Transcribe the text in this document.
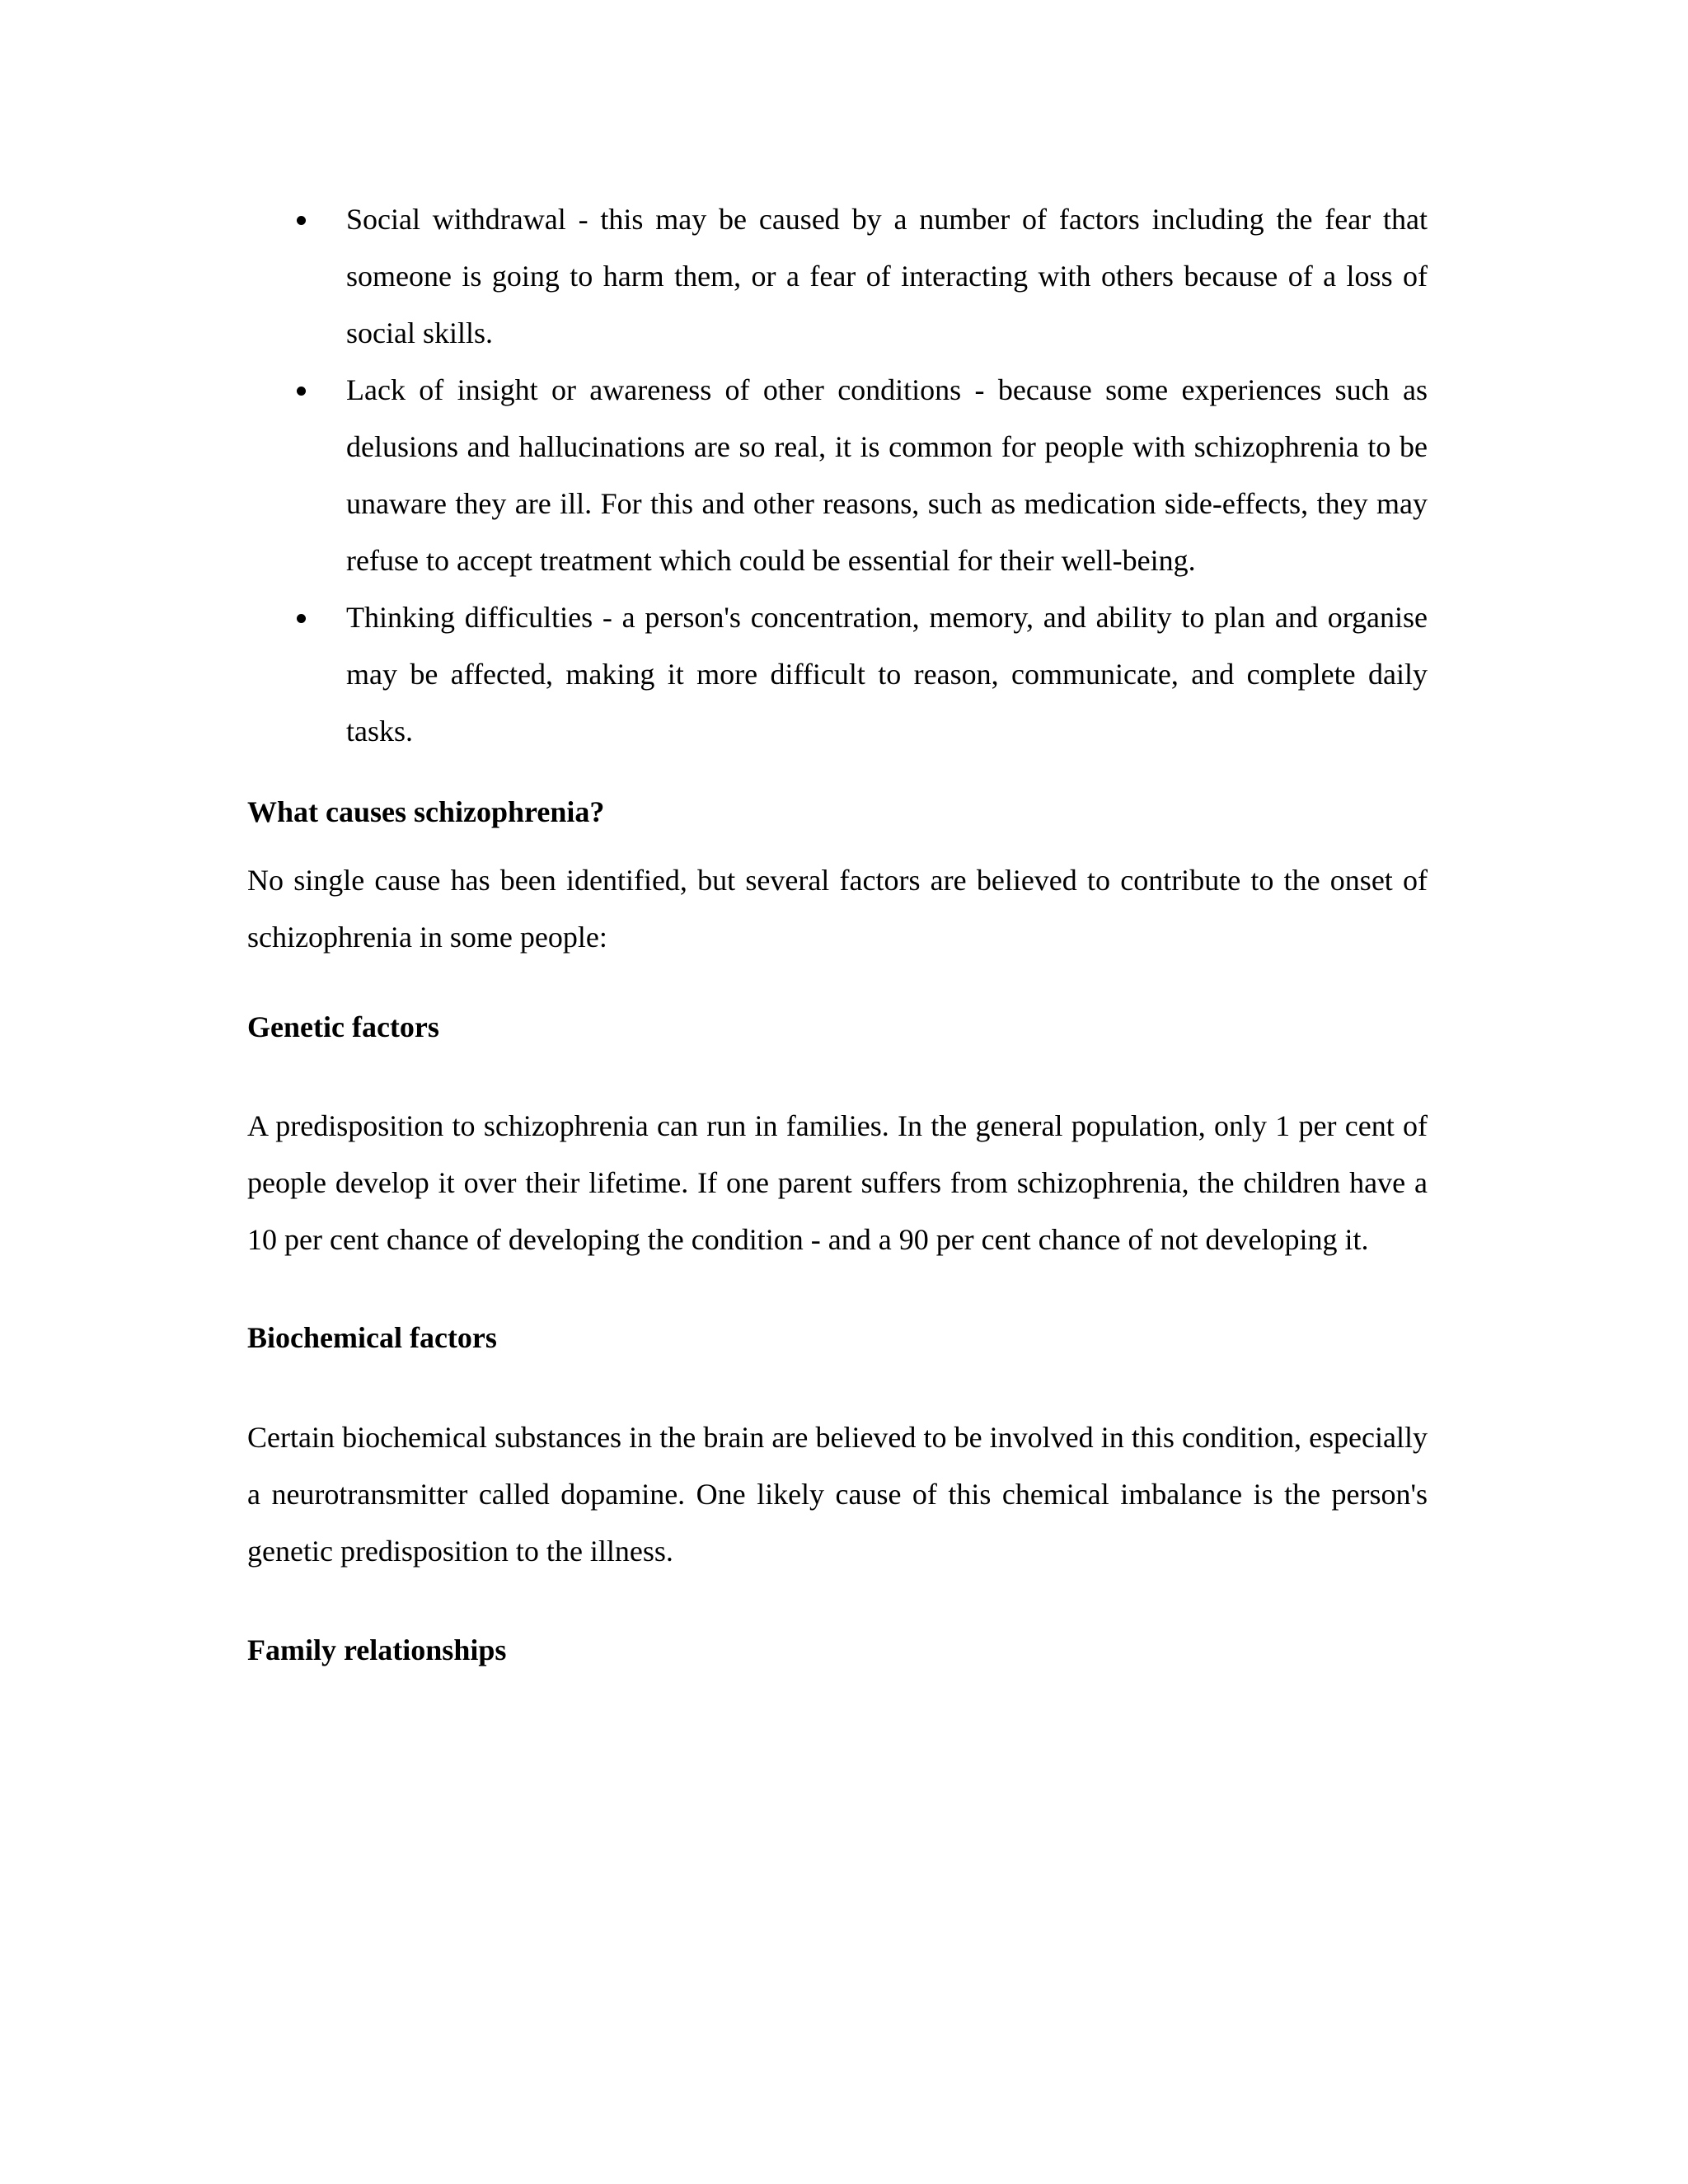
Social withdrawal - this may be caused by a number of factors including the fear that someone is going to harm them, or a fear of interacting with others because of a loss of social skills.
Lack of insight or awareness of other conditions - because some experiences such as delusions and hallucinations are so real, it is common for people with schizophrenia to be unaware they are ill. For this and other reasons, such as medication side-effects, they may refuse to accept treatment which could be essential for their well-being.
Thinking difficulties - a person's concentration, memory, and ability to plan and organise may be affected, making it more difficult to reason, communicate, and complete daily tasks.
What causes schizophrenia?

No single cause has been identified, but several factors are believed to contribute to the onset of schizophrenia in some people:

Genetic factors

A predisposition to schizophrenia can run in families. In the general population, only 1 per cent of people develop it over their lifetime. If one parent suffers from schizophrenia, the children have a 10 per cent chance of developing the condition - and a 90 per cent chance of not developing it.

Biochemical factors

Certain biochemical substances in the brain are believed to be involved in this condition, especially a neurotransmitter called dopamine. One likely cause of this chemical imbalance is the person's genetic predisposition to the illness.

Family relationships
